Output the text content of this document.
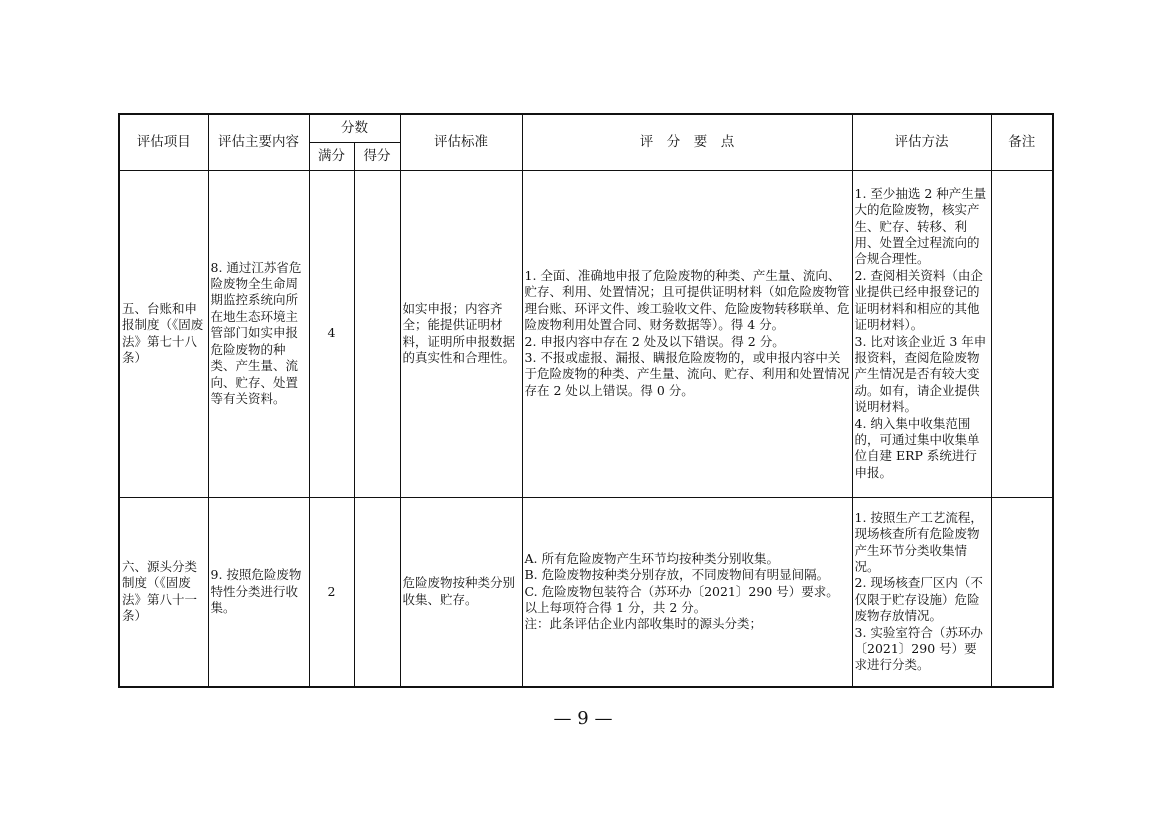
评估项目	评估主要内容	分数		评估标准	评　分　要　点	评估方法	备注
		满分	得分				
五、台账和申报制度（《固废法》第七十八条）	8. 通过江苏省危险废物全生命周期监控系统向所在地生态环境主管部门如实申报危险废物的种类、产生量、流向、贮存、处置等有关资料。	4		如实申报；内容齐全；能提供证明材料，证明所申报数据的真实性和合理性。	1. 全面、准确地申报了危险废物的种类、产生量、流向、贮存、利用、处置情况；且可提供证明材料（如危险废物管理台账、环评文件、竣工验收文件、危险废物转移联单、危险废物利用处置合同、财务数据等）。得 4 分。
2. 申报内容中存在 2 处及以下错误。得 2 分。
3. 不报或虚报、漏报、瞒报危险废物的，或申报内容中关于危险废物的种类、产生量、流向、贮存、利用和处置情况存在 2 处以上错误。得 0 分。	1. 至少抽选 2 种产生量大的危险废物，核实产生、贮存、转移、利用、处置全过程流向的合规合理性。
2. 查阅相关资料（由企业提供已经申报登记的证明材料和相应的其他证明材料）。
3. 比对该企业近 3 年申报资料，查阅危险废物产生情况是否有较大变动。如有，请企业提供说明材料。
4. 纳入集中收集范围的，可通过集中收集单位自建 ERP 系统进行申报。	
六、源头分类制度（《固废法》第八十一条）	9. 按照危险废物特性分类进行收集。	2		危险废物按种类分别收集、贮存。	A. 所有危险废物产生环节均按种类分别收集。
B. 危险废物按种类分别存放，不同废物间有明显间隔。
C. 危险废物包装符合（苏环办〔2021〕290 号）要求。
以上每项符合得 1 分，共 2 分。
注：此条评估企业内部收集时的源头分类；	1. 按照生产工艺流程，现场核查所有危险废物产生环节分类收集情况。
2. 现场核查厂区内（不仅限于贮存设施）危险废物存放情况。
3. 实验室符合（苏环办〔2021〕290 号）要求进行分类。	
— 9 —
